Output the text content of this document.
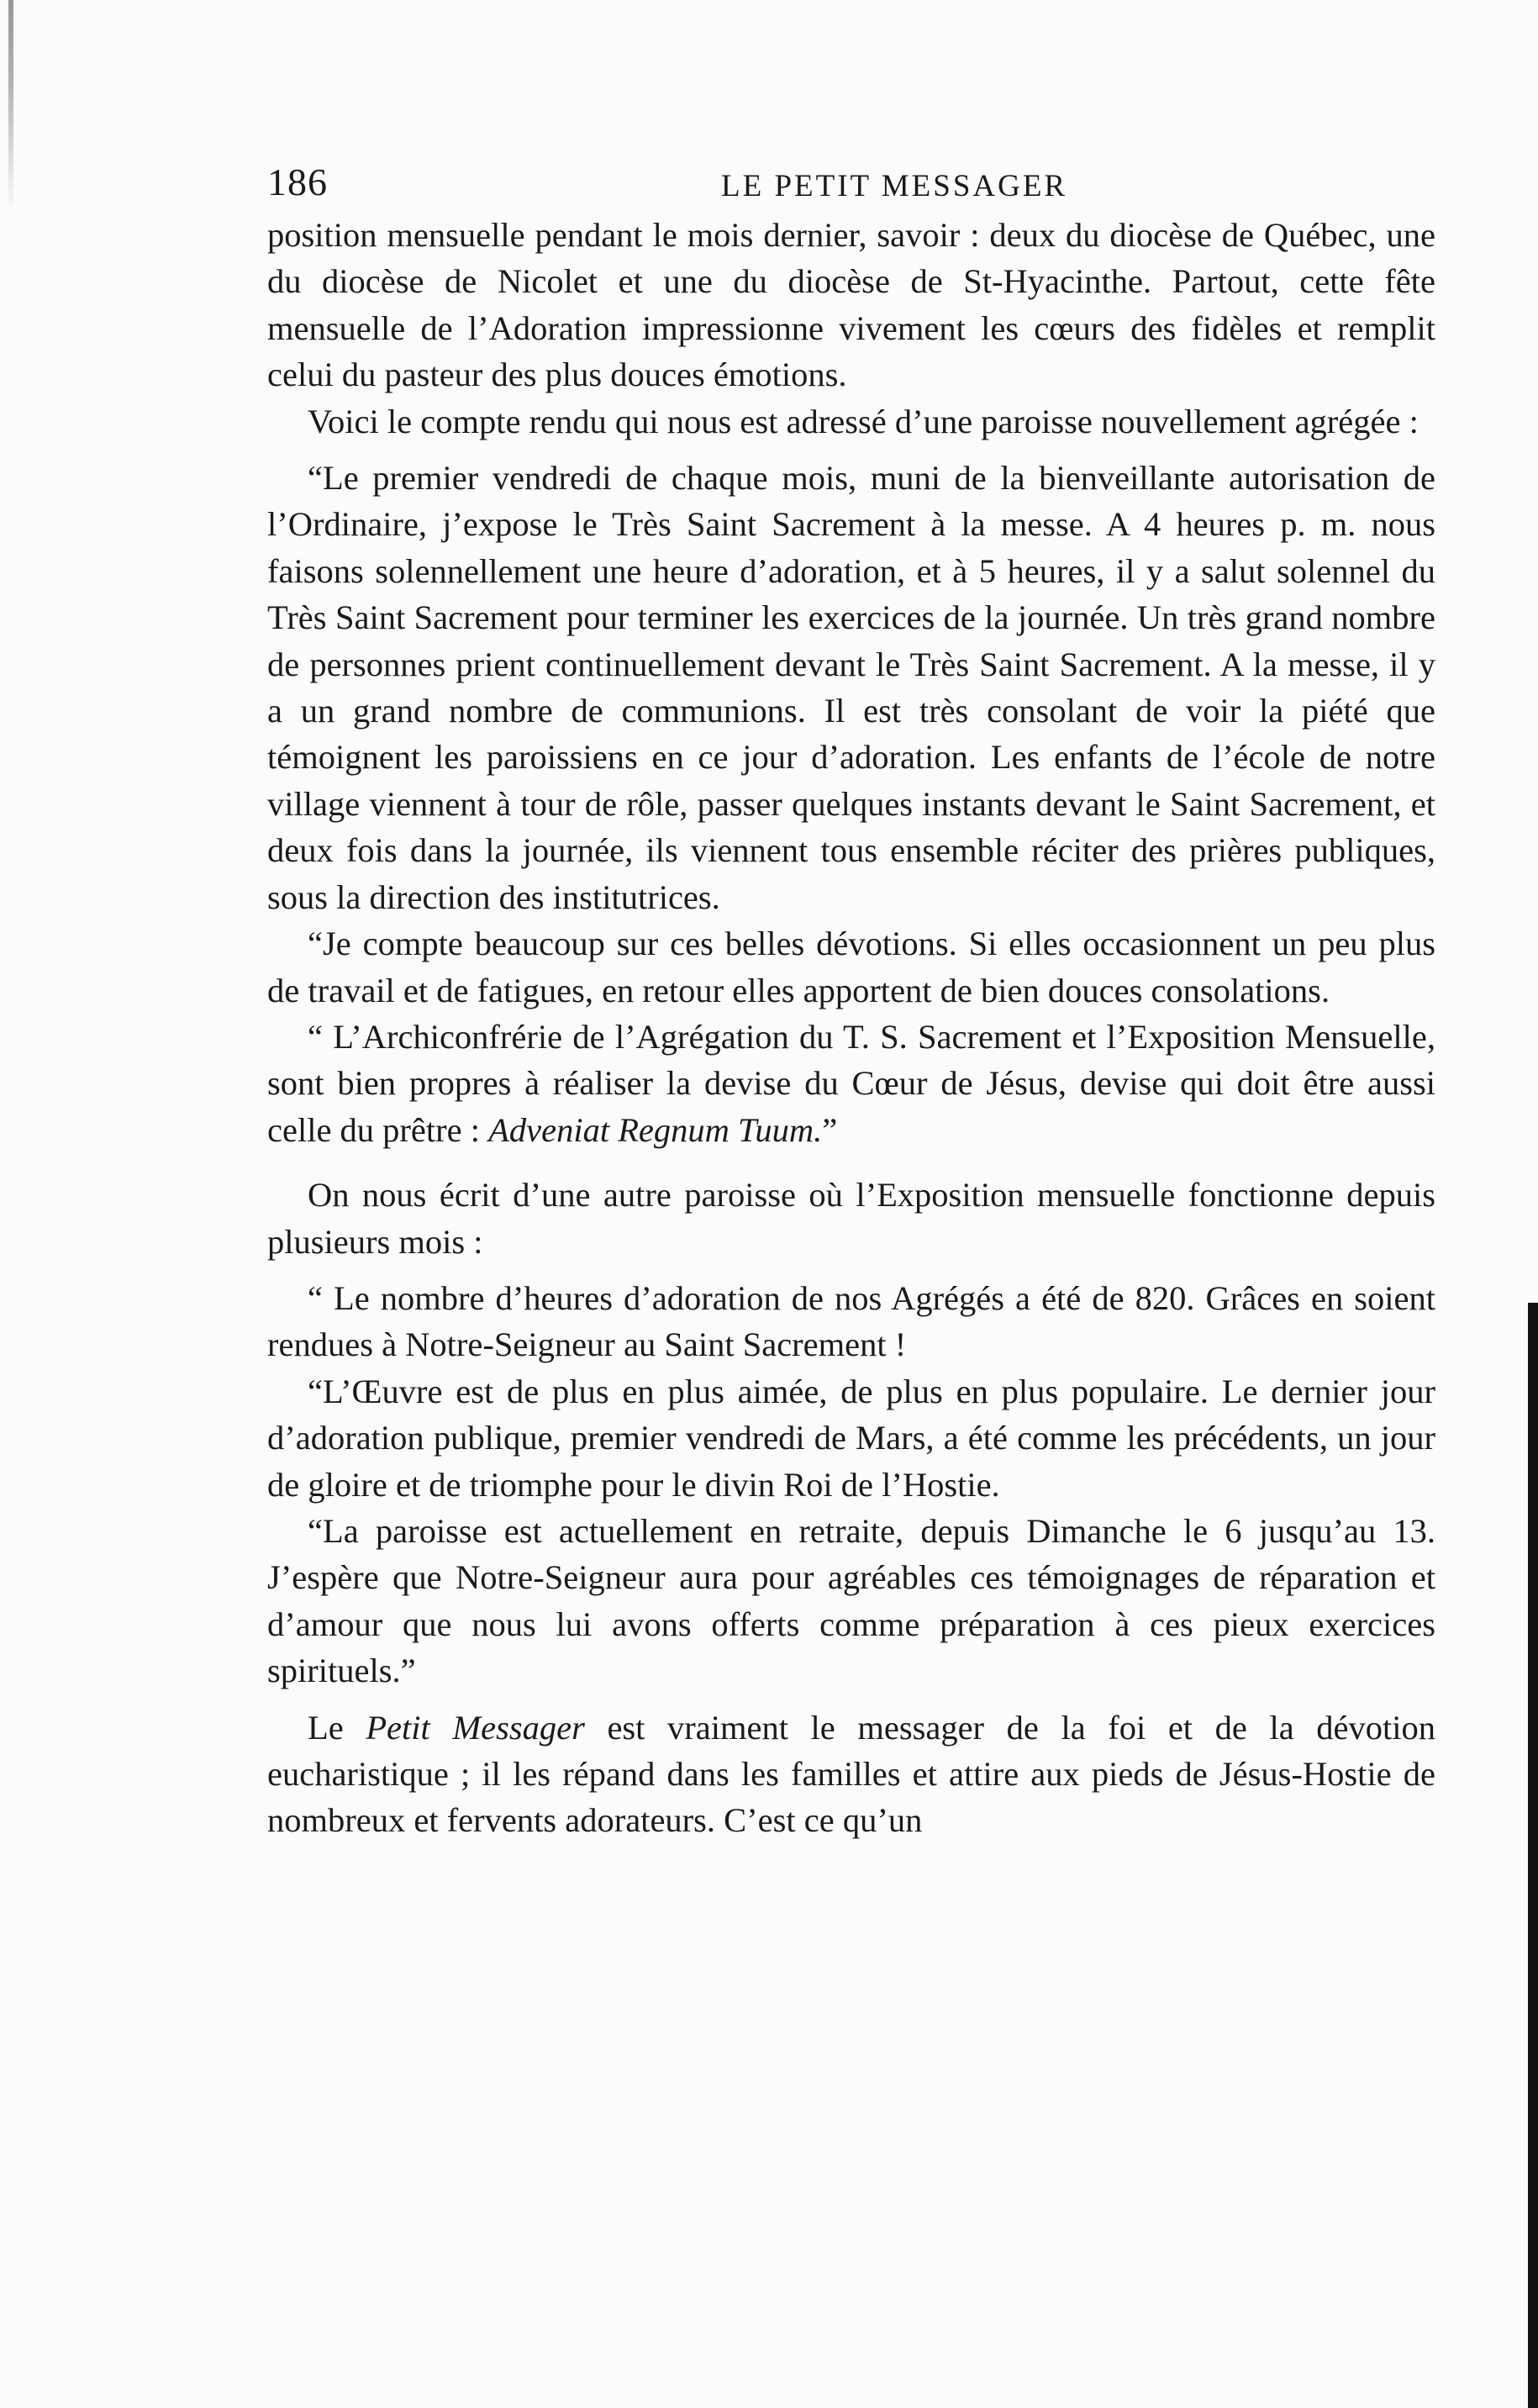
186	LE PETIT MESSAGER

position mensuelle pendant le mois dernier, savoir : deux du diocèse de Québec, une du diocèse de Nicolet et une du diocèse de St-Hyacinthe. Partout, cette fête mensuelle de l’Adoration impressionne vivement les cœurs des fidèles et remplit celui du pasteur des plus douces émotions.

Voici le compte rendu qui nous est adressé d’une paroisse nouvellement agrégée :

“Le premier vendredi de chaque mois, muni de la bienveillante autorisation de l’Ordinaire, j’expose le Très Saint Sacrement à la messe. A 4 heures p. m. nous faisons solennellement une heure d’adoration, et à 5 heures, il y a salut solennel du Très Saint Sacrement pour terminer les exercices de la journée. Un très grand nombre de personnes prient continuellement devant le Très Saint Sacrement. A la messe, il y a un grand nombre de communions. Il est très consolant de voir la piété que témoignent les paroissiens en ce jour d’adoration. Les enfants de l’école de notre village viennent à tour de rôle, passer quelques instants devant le Saint Sacrement, et deux fois dans la journée, ils viennent tous ensemble réciter des prières publiques, sous la direction des institutrices.

“Je compte beaucoup sur ces belles dévotions. Si elles occasionnent un peu plus de travail et de fatigues, en retour elles apportent de bien douces consolations.

“ L’Archiconfrérie de l’Agrégation du T. S. Sacrement et l’Exposition Mensuelle, sont bien propres à réaliser la devise du Cœur de Jésus, devise qui doit être aussi celle du prêtre : Adveniat Regnum Tuum.”

On nous écrit d’une autre paroisse où l’Exposition mensuelle fonctionne depuis plusieurs mois :

“ Le nombre d’heures d’adoration de nos Agrégés a été de 820. Grâces en soient rendues à Notre-Seigneur au Saint Sacrement !

“L’Œuvre est de plus en plus aimée, de plus en plus populaire. Le dernier jour d’adoration publique, premier vendredi de Mars, a été comme les précédents, un jour de gloire et de triomphe pour le divin Roi de l’Hostie.

“La paroisse est actuellement en retraite, depuis Dimanche le 6 jusqu’au 13. J’espère que Notre-Seigneur aura pour agréables ces témoignages de réparation et d’amour que nous lui avons offerts comme préparation à ces pieux exercices spirituels.”

Le Petit Messager est vraiment le messager de la foi et de la dévotion eucharistique ; il les répand dans les familles et attire aux pieds de Jésus-Hostie de nombreux et fervents adorateurs. C’est ce qu’un
